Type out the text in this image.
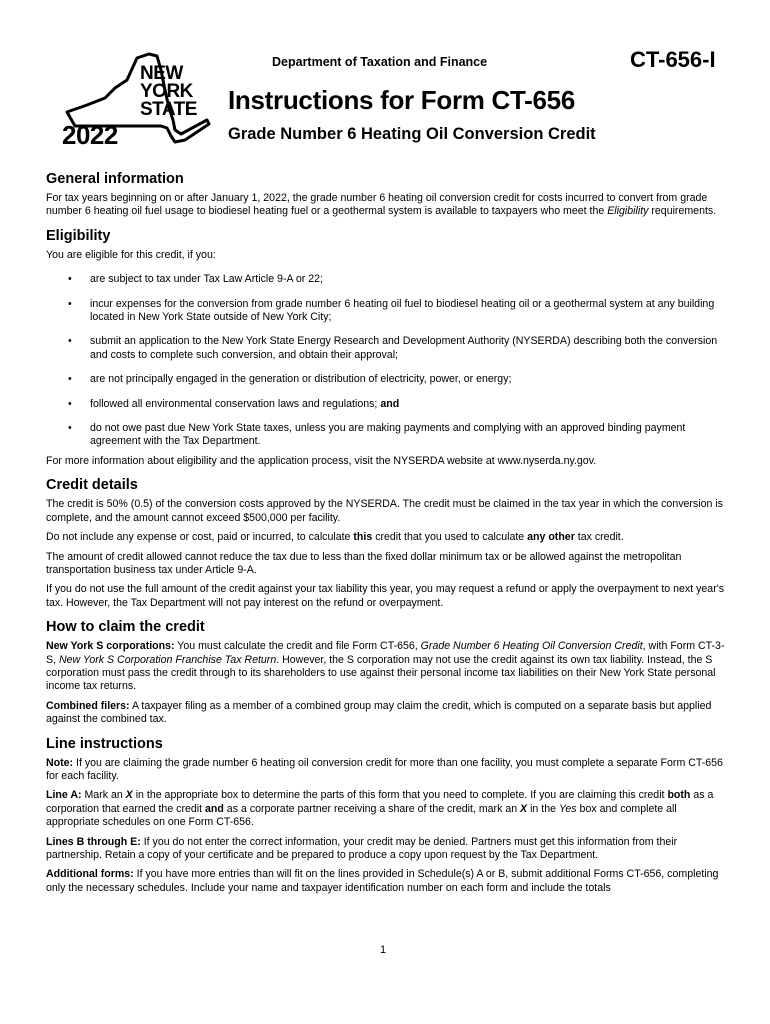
NEW
YORK
STATE
2022
Department of Taxation and Finance	CT-656-I
Instructions for Form CT-656
Grade Number 6 Heating Oil Conversion Credit
General information

For tax years beginning on or after January 1, 2022, the grade number 6 heating oil conversion credit for costs incurred to convert from grade number 6 heating oil fuel usage to biodiesel heating fuel or a geothermal system is available to taxpayers who meet the Eligibility requirements.

Eligibility

You are eligible for this credit, if you:

• are subject to tax under Tax Law Article 9-A or 22;
• incur expenses for the conversion from grade number 6 heating oil fuel to biodiesel heating oil or a geothermal system at any building located in New York State outside of New York City;
• submit an application to the New York State Energy Research and Development Authority (NYSERDA) describing both the conversion and costs to complete such conversion, and obtain their approval;
• are not principally engaged in the generation or distribution of electricity, power, or energy;
• followed all environmental conservation laws and regulations; and
• do not owe past due New York State taxes, unless you are making payments and complying with an approved binding payment agreement with the Tax Department.

For more information about eligibility and the application process, visit the NYSERDA website at www.nyserda.ny.gov.

Credit details

The credit is 50% (0.5) of the conversion costs approved by the NYSERDA. The credit must be claimed in the tax year in which the conversion is complete, and the amount cannot exceed $500,000 per facility.

Do not include any expense or cost, paid or incurred, to calculate this credit that you used to calculate any other tax credit.

The amount of credit allowed cannot reduce the tax due to less than the fixed dollar minimum tax or be allowed against the metropolitan transportation business tax under Article 9-A.

If you do not use the full amount of the credit against your tax liability this year, you may request a refund or apply the overpayment to next year's tax. However, the Tax Department will not pay interest on the refund or overpayment.

How to claim the credit

New York S corporations: You must calculate the credit and file Form CT-656, Grade Number 6 Heating Oil Conversion Credit, with Form CT-3-S, New York S Corporation Franchise Tax Return. However, the S corporation may not use the credit against its own tax liability. Instead, the S corporation must pass the credit through to its shareholders to use against their personal income tax liabilities on their New York State personal income tax returns.

Combined filers: A taxpayer filing as a member of a combined group may claim the credit, which is computed on a separate basis but applied against the combined tax.

Line instructions

Note: If you are claiming the grade number 6 heating oil conversion credit for more than one facility, you must complete a separate Form CT-656 for each facility.

Line A: Mark an X in the appropriate box to determine the parts of this form that you need to complete. If you are claiming this credit both as a corporation that earned the credit and as a corporate partner receiving a share of the credit, mark an X in the Yes box and complete all appropriate schedules on one Form CT-656.

Lines B through E: If you do not enter the correct information, your credit may be denied. Partners must get this information from their partnership. Retain a copy of your certificate and be prepared to produce a copy upon request by the Tax Department.

Additional forms: If you have more entries than will fit on the lines provided in Schedule(s) A or B, submit additional Forms CT-656, completing only the necessary schedules. Include your name and taxpayer identification number on each form and include the totals

1
